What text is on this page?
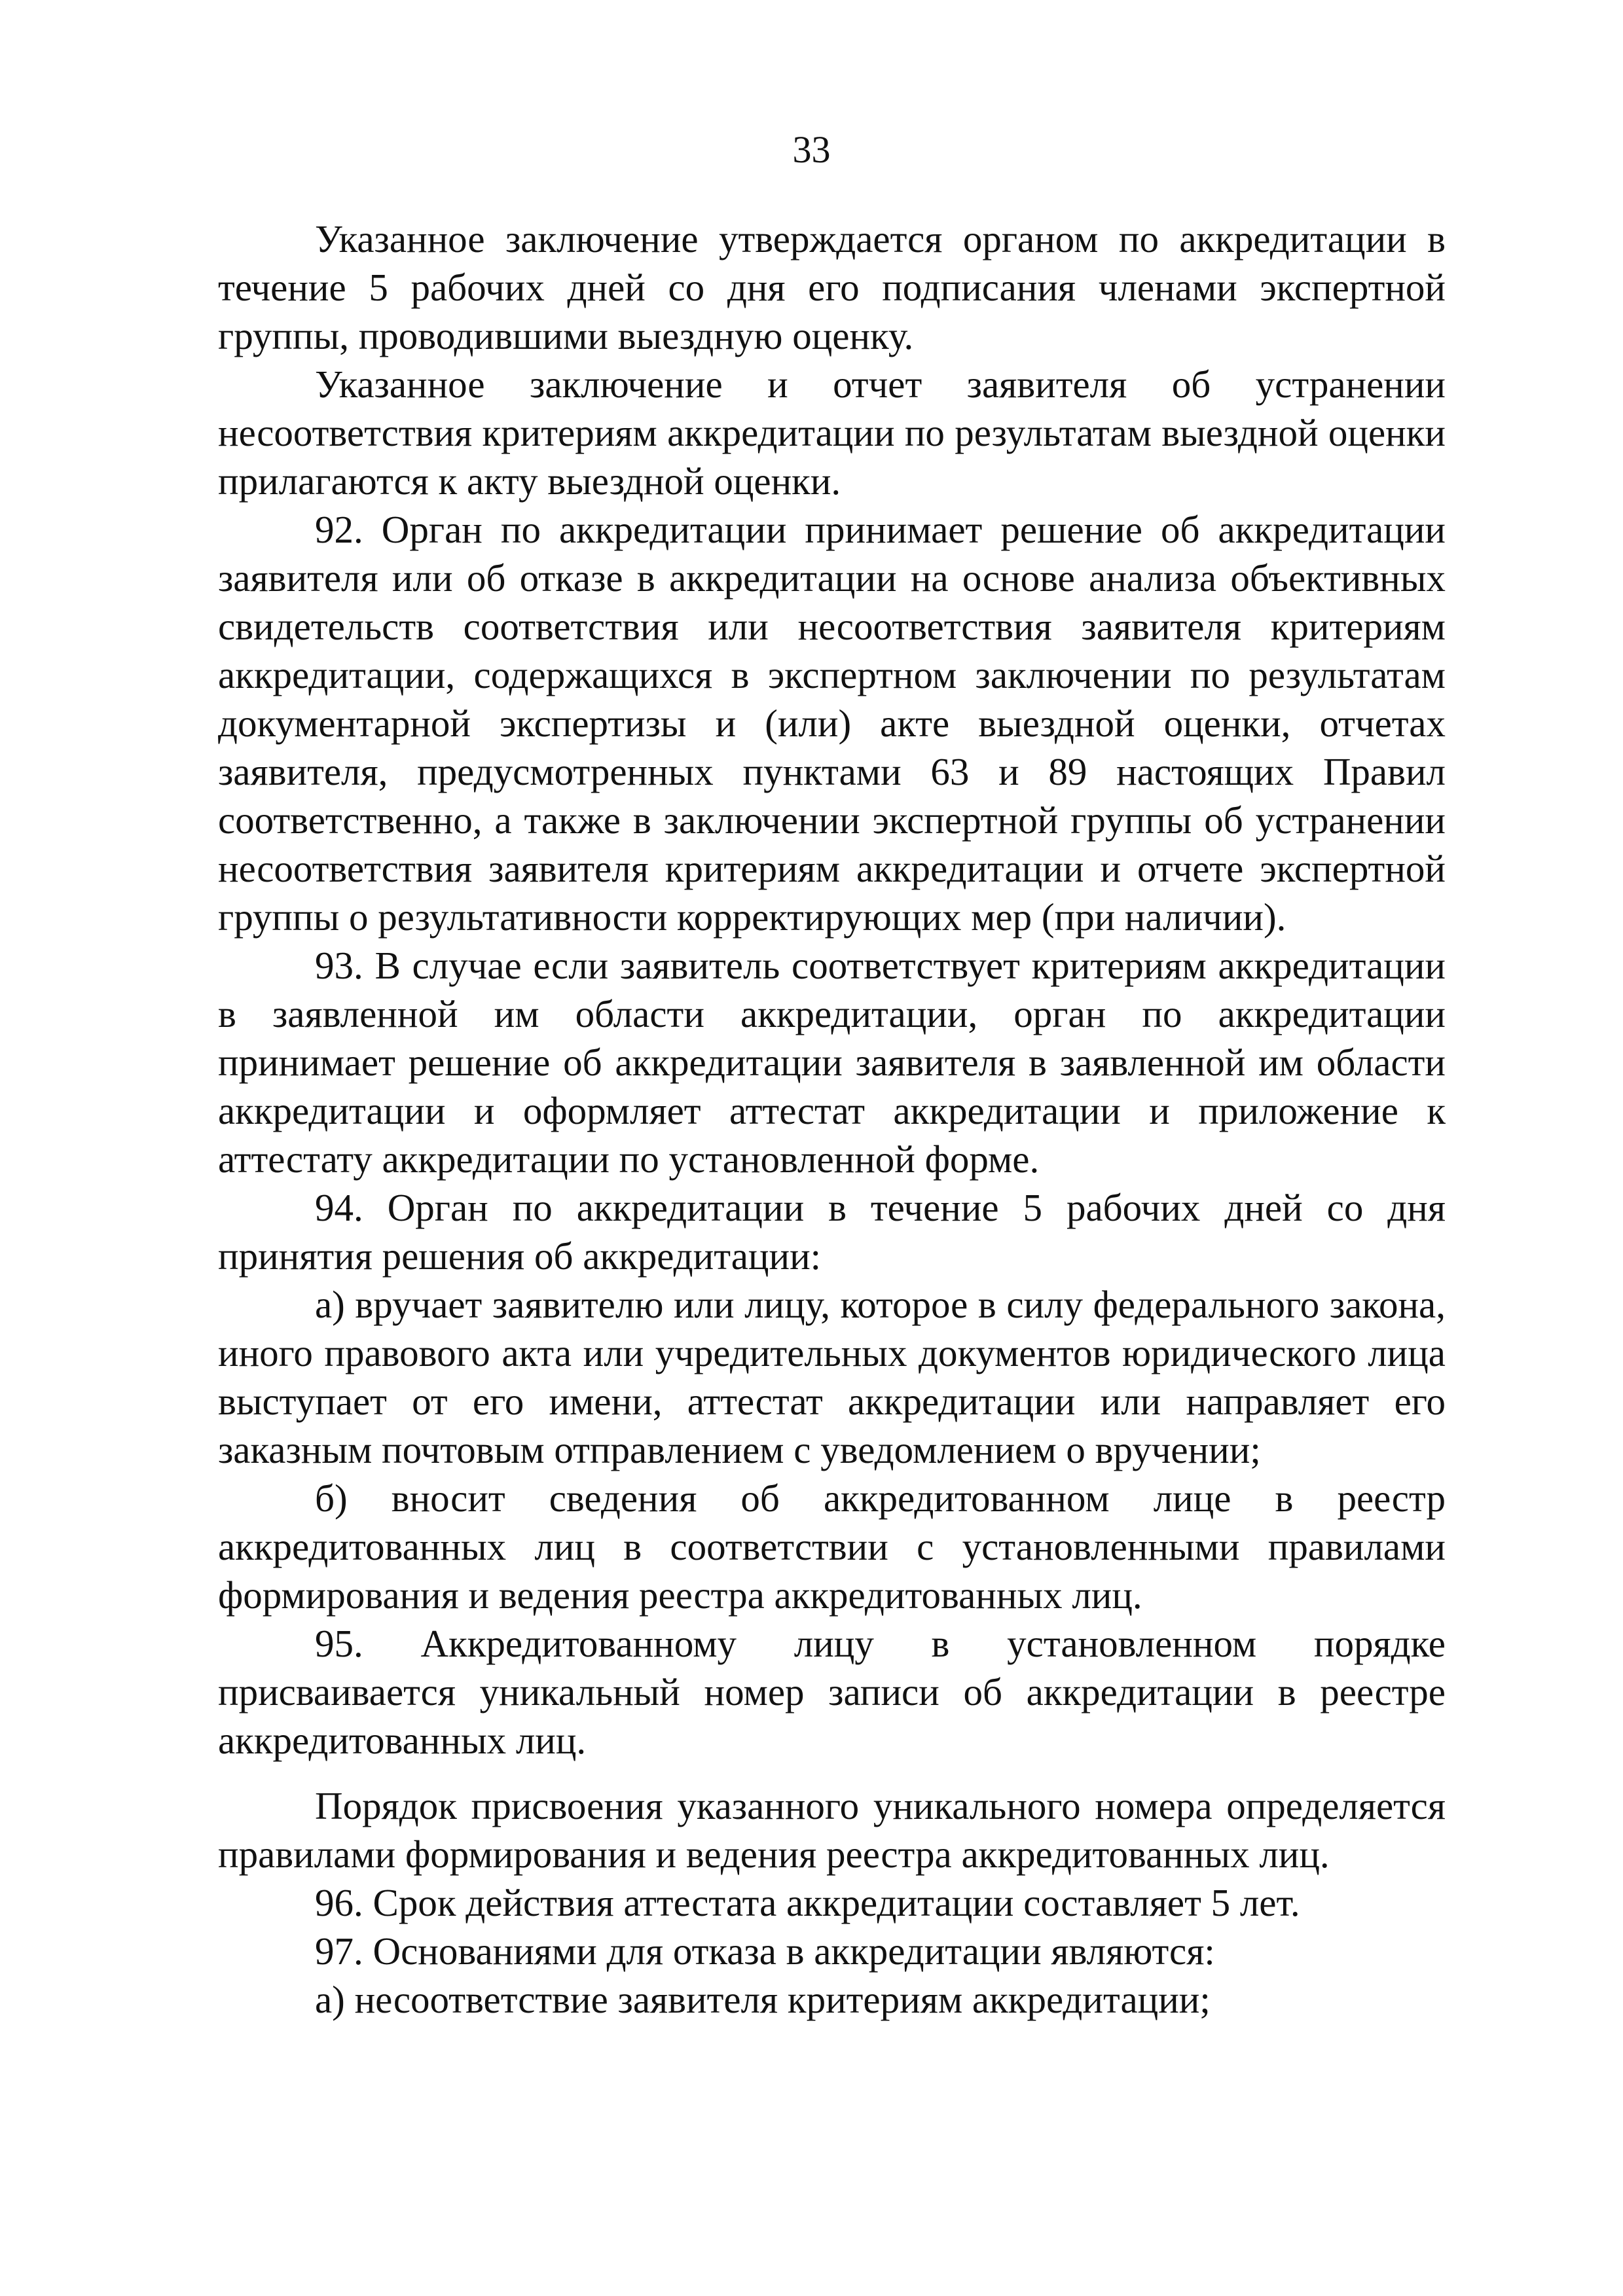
33

Указанное заключение утверждается органом по аккредитации в течение 5 рабочих дней со дня его подписания членами экспертной группы, проводившими выездную оценку.

Указанное заключение и отчет заявителя об устранении несоответствия критериям аккредитации по результатам выездной оценки прилагаются к акту выездной оценки.

92. Орган по аккредитации принимает решение об аккредитации заявителя или об отказе в аккредитации на основе анализа объективных свидетельств соответствия или несоответствия заявителя критериям аккредитации, содержащихся в экспертном заключении по результатам документарной экспертизы и (или) акте выездной оценки, отчетах заявителя, предусмотренных пунктами 63 и 89 настоящих Правил соответственно, а также в заключении экспертной группы об устранении несоответствия заявителя критериям аккредитации и отчете экспертной группы о результативности корректирующих мер (при наличии).

93. В случае если заявитель соответствует критериям аккредитации в заявленной им области аккредитации, орган по аккредитации принимает решение об аккредитации заявителя в заявленной им области аккредитации и оформляет аттестат аккредитации и приложение к аттестату аккредитации по установленной форме.

94. Орган по аккредитации в течение 5 рабочих дней со дня принятия решения об аккредитации:

а) вручает заявителю или лицу, которое в силу федерального закона, иного правового акта или учредительных документов юридического лица выступает от его имени, аттестат аккредитации или направляет его заказным почтовым отправлением с уведомлением о вручении;

б) вносит сведения об аккредитованном лице в реестр аккредитованных лиц в соответствии с установленными правилами формирования и ведения реестра аккредитованных лиц.

95. Аккредитованному лицу в установленном порядке присваивается уникальный номер записи об аккредитации в реестре аккредитованных лиц.

Порядок присвоения указанного уникального номера определяется правилами формирования и ведения реестра аккредитованных лиц.

96. Срок действия аттестата аккредитации составляет 5 лет.

97. Основаниями для отказа в аккредитации являются:

а) несоответствие заявителя критериям аккредитации;
